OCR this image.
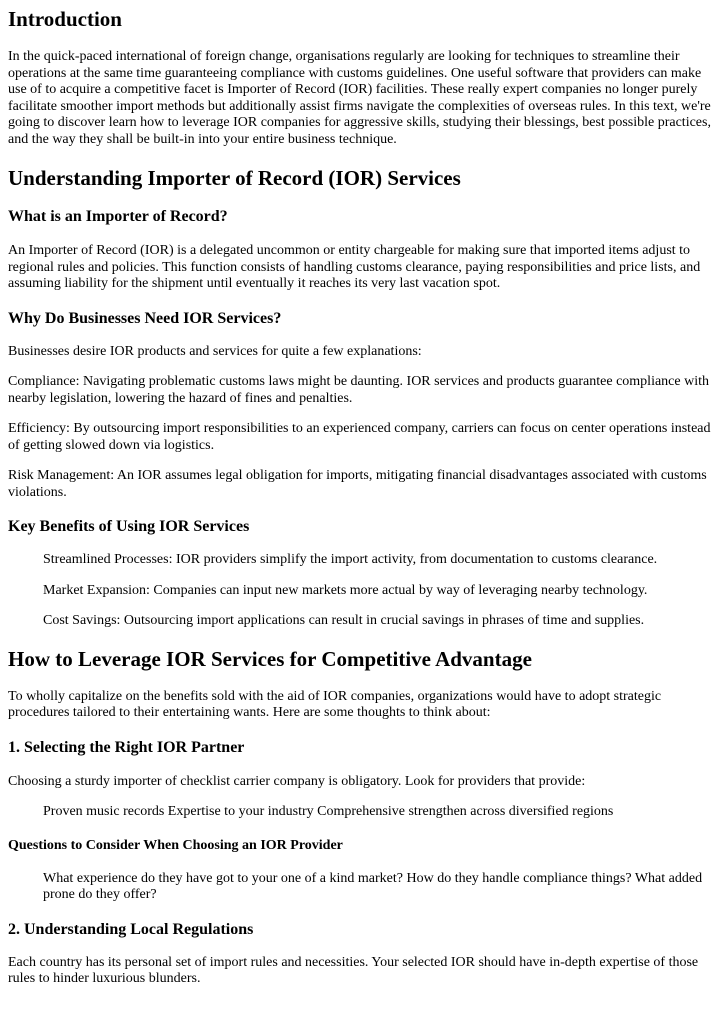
Introduction

In the quick-paced international of foreign change, organisations regularly are looking for techniques to streamline their operations at the same time guaranteeing compliance with customs guidelines. One useful software that providers can make use of to acquire a competitive facet is Importer of Record (IOR) facilities. These really expert companies no longer purely facilitate smoother import methods but additionally assist firms navigate the complexities of overseas rules. In this text, we're going to discover learn how to leverage IOR companies for aggressive skills, studying their blessings, best possible practices, and the way they shall be built-in into your entire business technique.

Understanding Importer of Record (IOR) Services
What is an Importer of Record?

An Importer of Record (IOR) is a delegated uncommon or entity chargeable for making sure that imported items adjust to regional rules and policies. This function consists of handling customs clearance, paying responsibilities and price lists, and assuming liability for the shipment until eventually it reaches its very last vacation spot.

Why Do Businesses Need IOR Services?

Businesses desire IOR products and services for quite a few explanations:

Compliance: Navigating problematic customs laws might be daunting. IOR services and products guarantee compliance with nearby legislation, lowering the hazard of fines and penalties.

Efficiency: By outsourcing import responsibilities to an experienced company, carriers can focus on center operations instead of getting slowed down via logistics.

Risk Management: An IOR assumes legal obligation for imports, mitigating financial disadvantages associated with customs violations.

Key Benefits of Using IOR Services

Streamlined Processes: IOR providers simplify the import activity, from documentation to customs clearance.

Market Expansion: Companies can input new markets more actual by way of leveraging nearby technology.

Cost Savings: Outsourcing import applications can result in crucial savings in phrases of time and supplies.

How to Leverage IOR Services for Competitive Advantage

To wholly capitalize on the benefits sold with the aid of IOR companies, organizations would have to adopt strategic procedures tailored to their entertaining wants. Here are some thoughts to think about:

1. Selecting the Right IOR Partner

Choosing a sturdy importer of checklist carrier company is obligatory. Look for providers that provide:

Proven music records Expertise to your industry Comprehensive strengthen across diversified regions

Questions to Consider When Choosing an IOR Provider

What experience do they have got to your one of a kind market? How do they handle compliance things? What added prone do they offer?

2. Understanding Local Regulations

Each country has its personal set of import rules and necessities. Your selected IOR should have in-depth expertise of those rules to hinder luxurious blunders.
